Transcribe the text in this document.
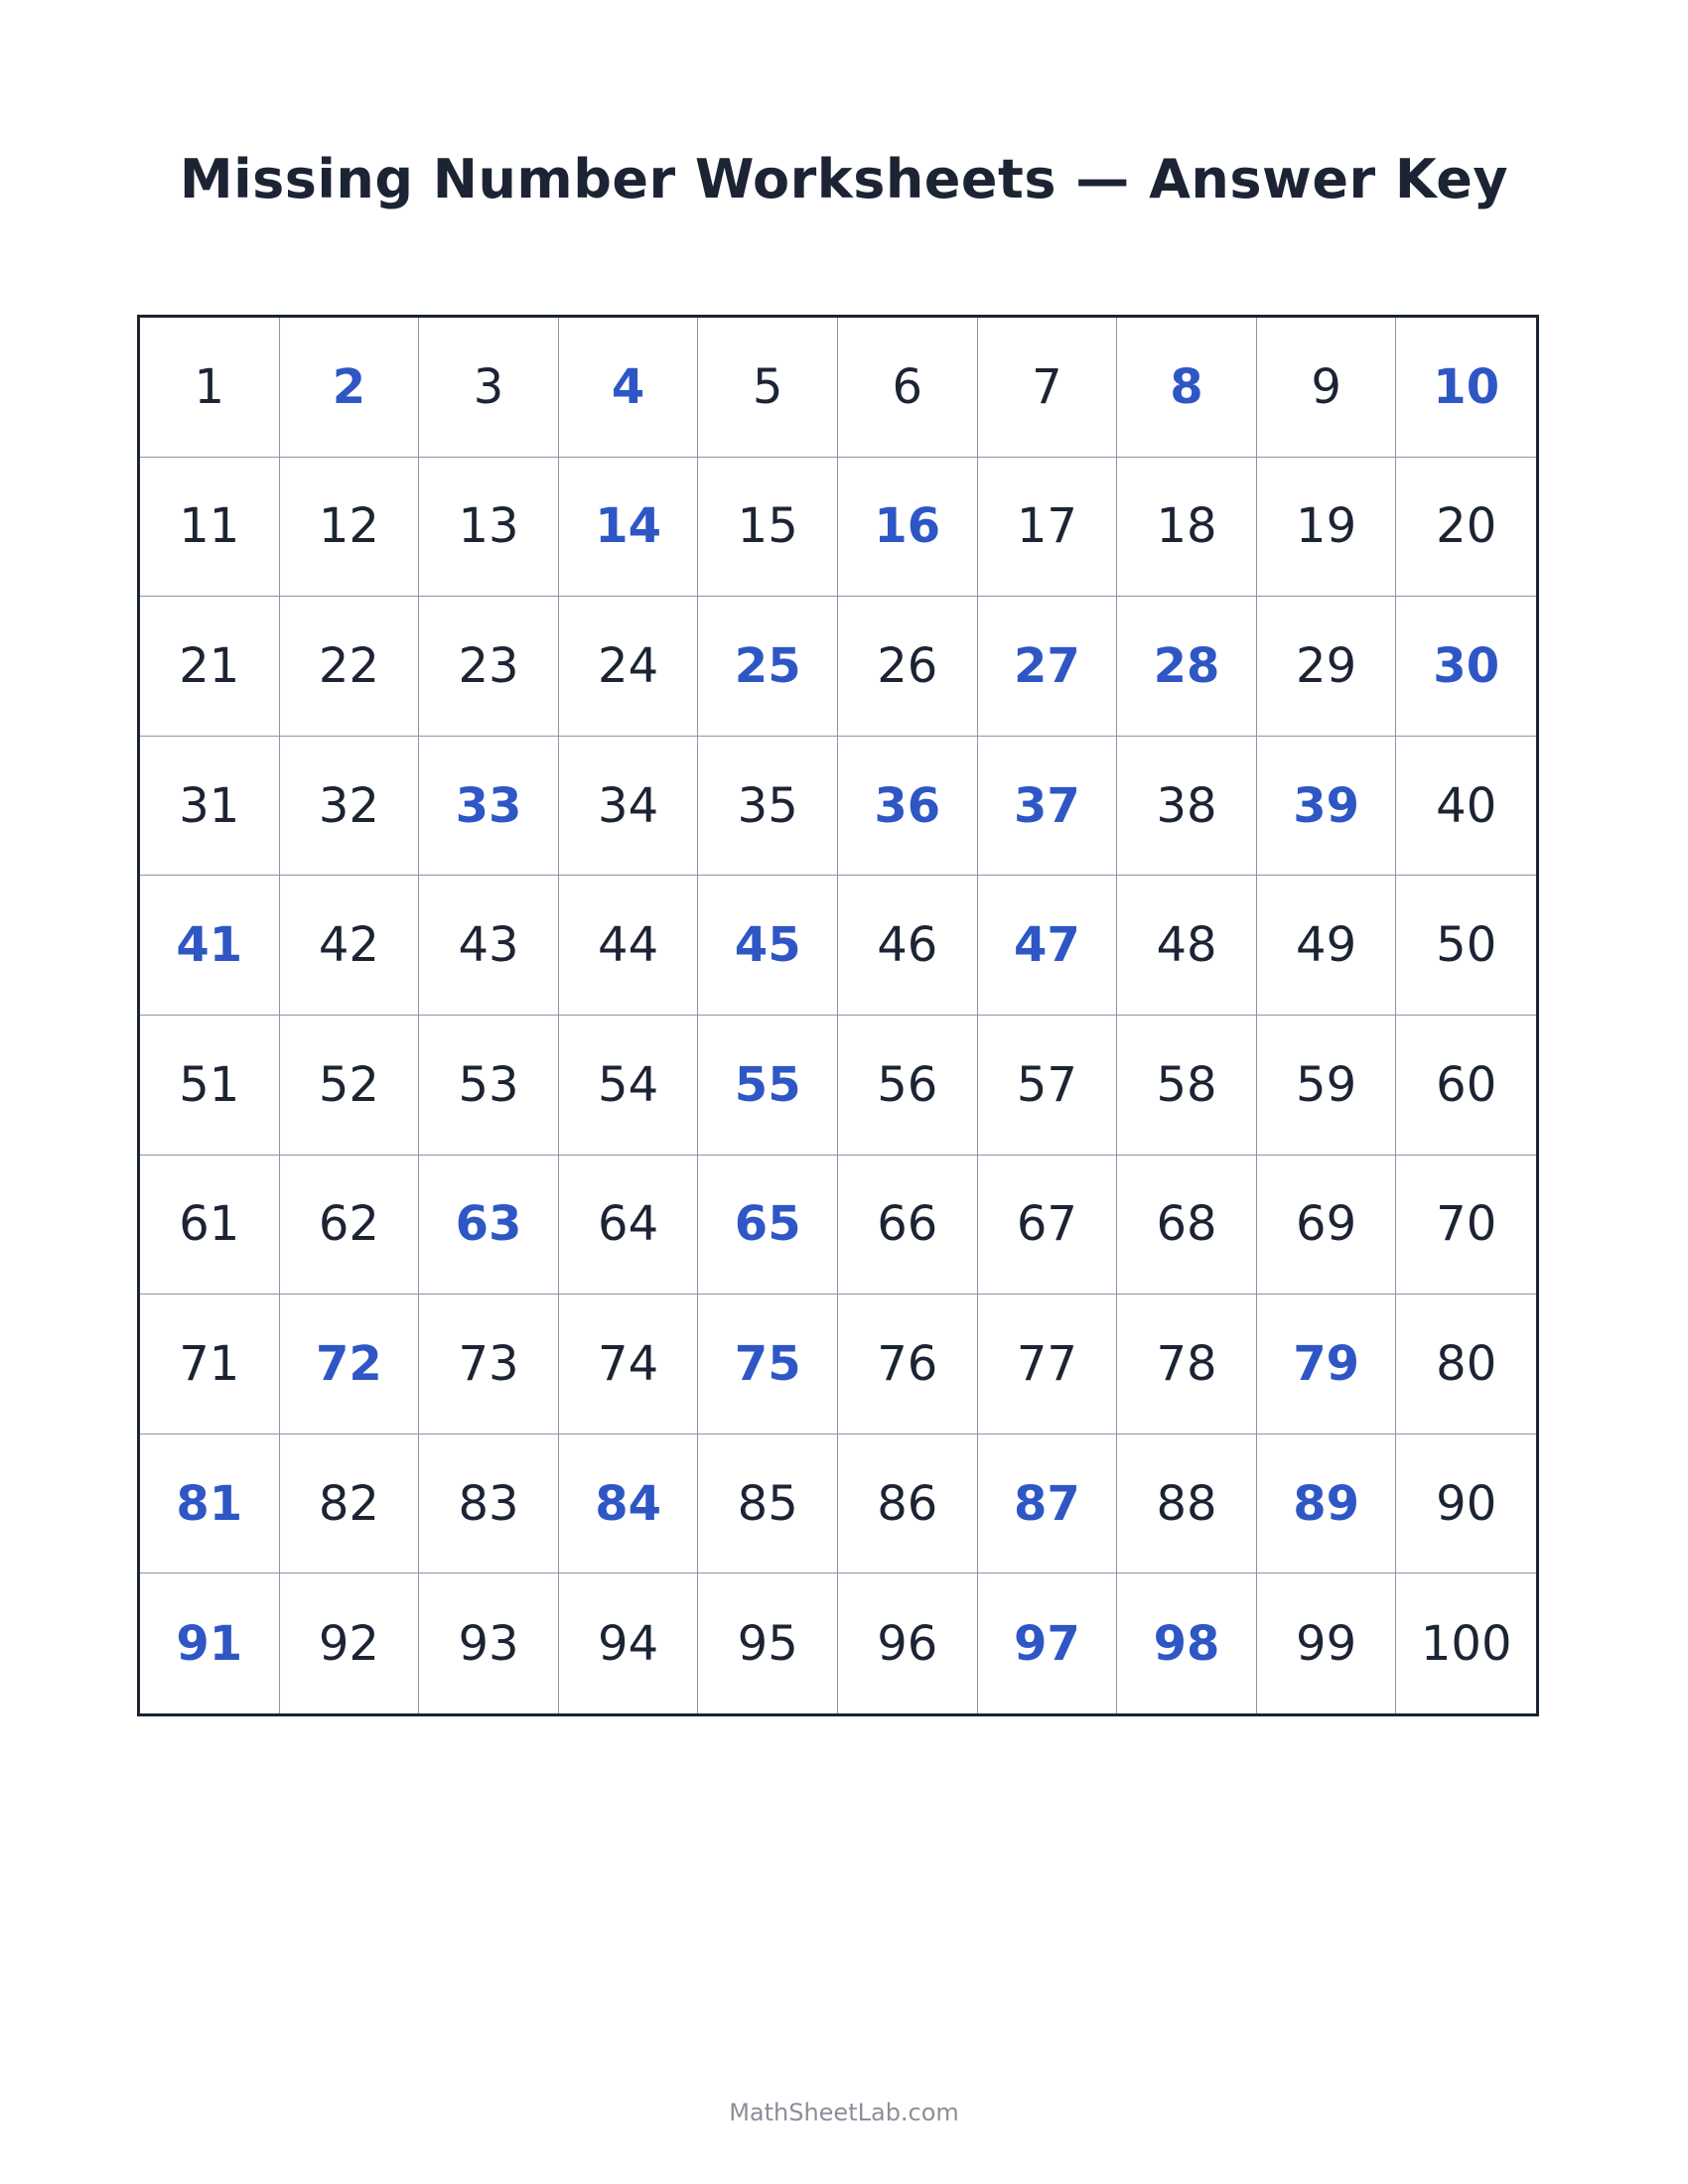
Missing Number Worksheets — Answer Key
1	2	3	4	5	6	7	8	9	10
11	12	13	14	15	16	17	18	19	20
21	22	23	24	25	26	27	28	29	30
31	32	33	34	35	36	37	38	39	40
41	42	43	44	45	46	47	48	49	50
51	52	53	54	55	56	57	58	59	60
61	62	63	64	65	66	67	68	69	70
71	72	73	74	75	76	77	78	79	80
81	82	83	84	85	86	87	88	89	90
91	92	93	94	95	96	97	98	99	100
MathSheetLab.com
